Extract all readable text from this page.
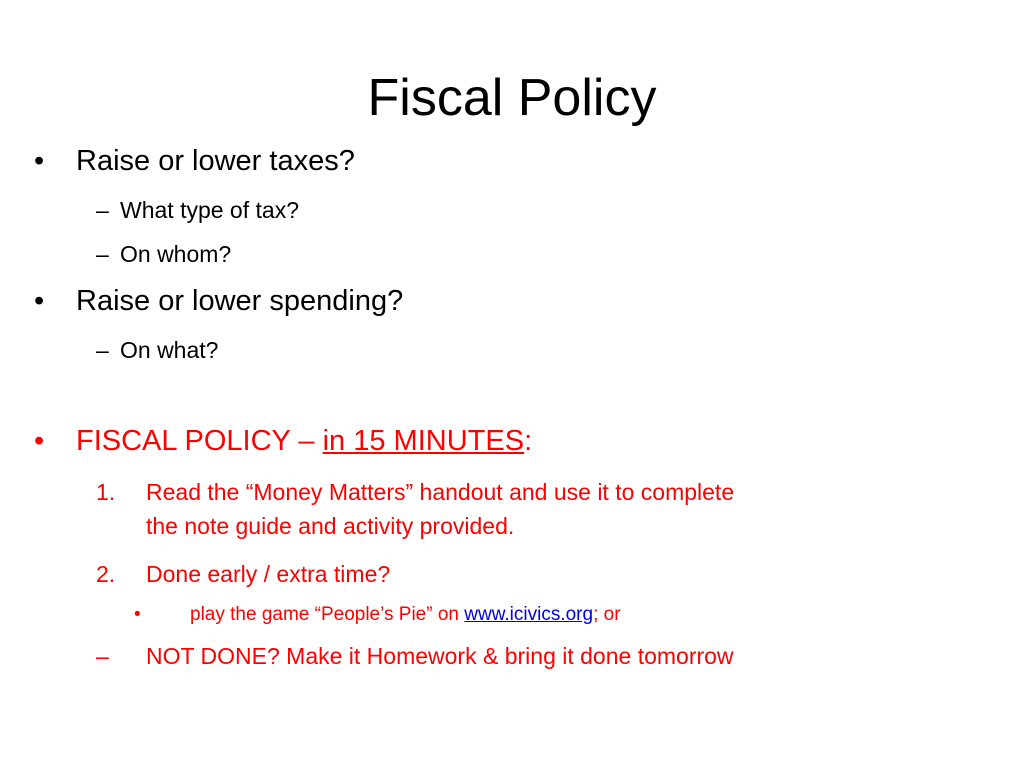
Fiscal Policy
• Raise or lower taxes?
– What type of tax?
– On whom?
• Raise or lower spending?
– On what?
• FISCAL POLICY – in 15 MINUTES:
1. Read the “Money Matters” handout and use it to complete
the note guide and activity provided.
2. Done early / extra time?
•	play the game “People’s Pie” on www.icivics.org; or
– NOT DONE? Make it Homework & bring it done tomorrow
